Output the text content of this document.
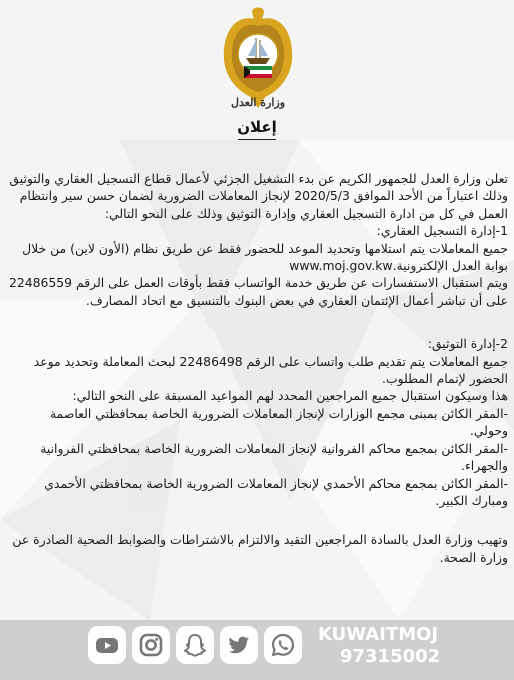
وزارة العدل
إعلان

تعلن وزارة العدل للجمهور الكريم عن بدء التشغيل الجزئي لأعمال قطاع التسجيل العقاري والتوثيق

وذلك اعتباراً من الأحد الموافق 2020/5/3 لإنجاز المعاملات الضرورية لضمان حسن سير وانتظام

العمل في كل من ادارة التسجيل العقاري وإدارة التوثيق وذلك على النحو التالي:

1-إدارة التسجيل العقاري:

جميع المعاملات يتم استلامها وتحديد الموعد للحضور فقط عن طريق نظام (الأون لاين) من خلال

بوابة العدل الإلكترونية.www.moj.gov.kw

ويتم استقبال الاستفسارات عن طريق خدمة الواتساب فقط بأوقات العمل على الرقم 22486559

على أن تباشر أعمال الإئتمان العقاري في بعض البنوك بالتنسيق مع اتحاد المصارف.

2-إدارة التوثيق:

جميع المعاملات يتم تقديم طلب واتساب على الرقم 22486498 لبحث المعاملة وتحديد موعد

الحضور لإتمام المطلوب.

هذا وسيكون استقبال جميع المراجعين المحدد لهم المواعيد المسبقة على النحو التالي:

-المقر الكائن بمبنى مجمع الوزارات لإنجاز المعاملات الضرورية الخاصة بمحافظتي العاصمة

وحولي.

-المقر الكائن بمجمع محاكم الفروانية لإنجاز المعاملات الضرورية الخاصة بمحافظتي الفروانية

والجهراء.

-المقر الكائن بمجمع محاكم الأحمدي لإنجاز المعاملات الضرورية الخاصة بمحافظتي الأحمدي

ومبارك الكبير.

وتهيب وزارة العدل بالسادة المراجعين التقيد والالتزام بالاشتراطات والضوابط الصحية الصادرة عن

وزارة الصحة.

KUWAITMOJ
97315002
